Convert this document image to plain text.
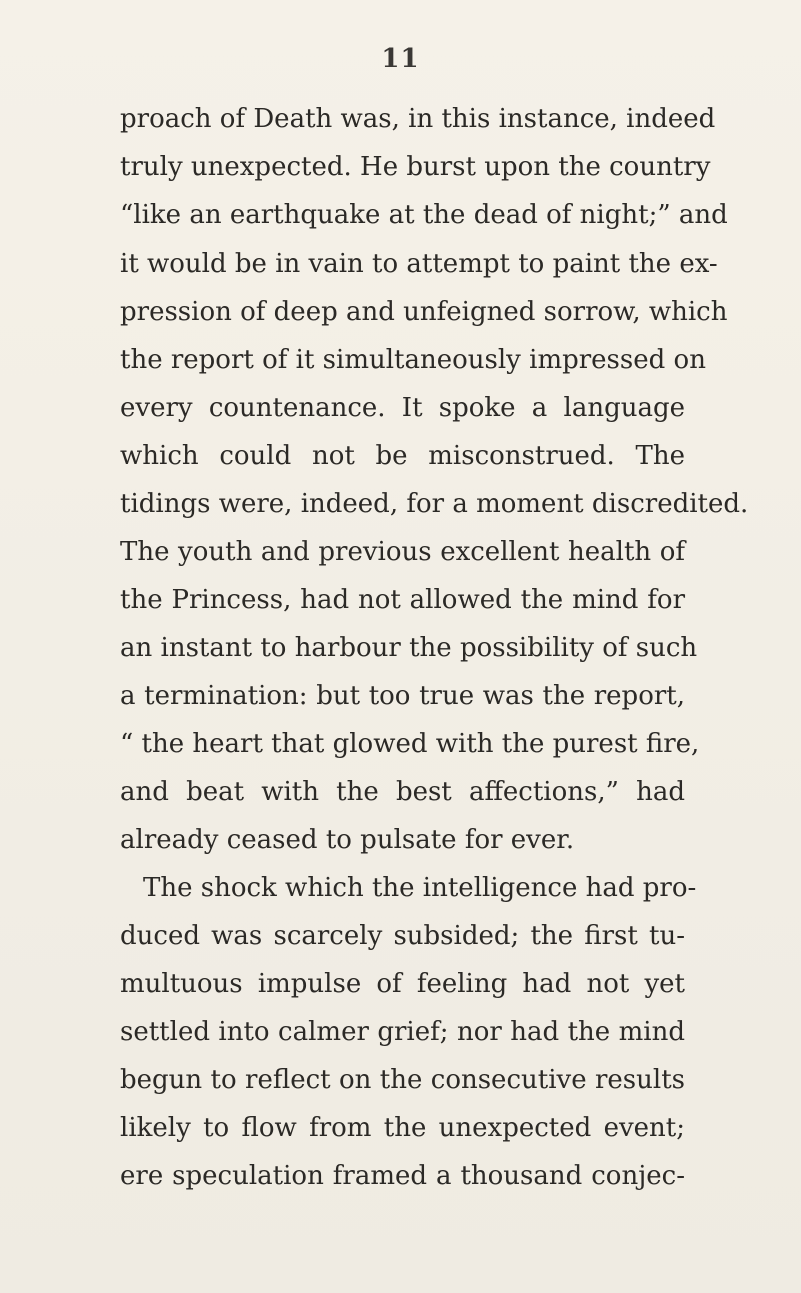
11
proach of Death was, in this instance, indeed
truly unexpected. He burst upon the country
“like an earthquake at the dead of night;” and
it would be in vain to attempt to paint the ex-
pression of deep and unfeigned sorrow, which
the report of it simultaneously impressed on
every countenance. It spoke a language
which could not be misconstrued. The
tidings were, indeed, for a moment discredited.
The youth and previous excellent health of
the Princess, had not allowed the mind for
an instant to harbour the possibility of such
a termination: but too true was the report,
“ the heart that glowed with the purest fire,
and beat with the best affections,” had
already ceased to pulsate for ever.
The shock which the intelligence had pro-
duced was scarcely subsided; the first tu-
multuous impulse of feeling had not yet
settled into calmer grief; nor had the mind
begun to reflect on the consecutive results
likely to flow from the unexpected event;
ere speculation framed a thousand conjec-
